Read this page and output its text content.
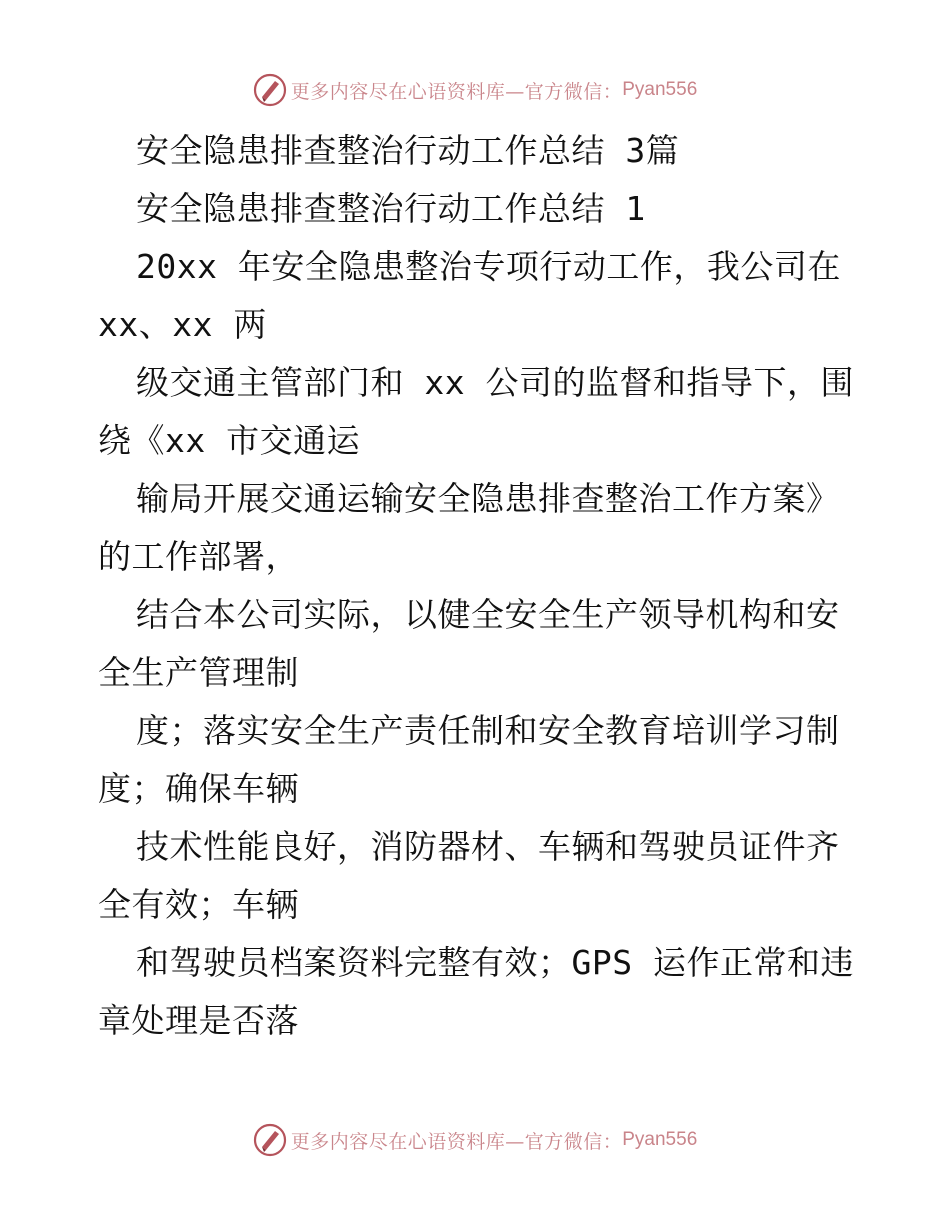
更多内容尽在心语资料库—官方微信： Pyan556
安全隐患排查整治行动工作总结 3篇
安全隐患排查整治行动工作总结 1
20xx 年安全隐患整治专项行动工作，我公司在
xx、xx 两
级交通主管部门和 xx 公司的监督和指导下，围
绕《xx 市交通运
输局开展交通运输安全隐患排查整治工作方案》
的工作部署，
结合本公司实际，以健全安全生产领导机构和安
全生产管理制
度；落实安全生产责任制和安全教育培训学习制
度；确保车辆
技术性能良好，消防器材、车辆和驾驶员证件齐
全有效；车辆
和驾驶员档案资料完整有效；GPS 运作正常和违
章处理是否落
更多内容尽在心语资料库—官方微信： Pyan556
